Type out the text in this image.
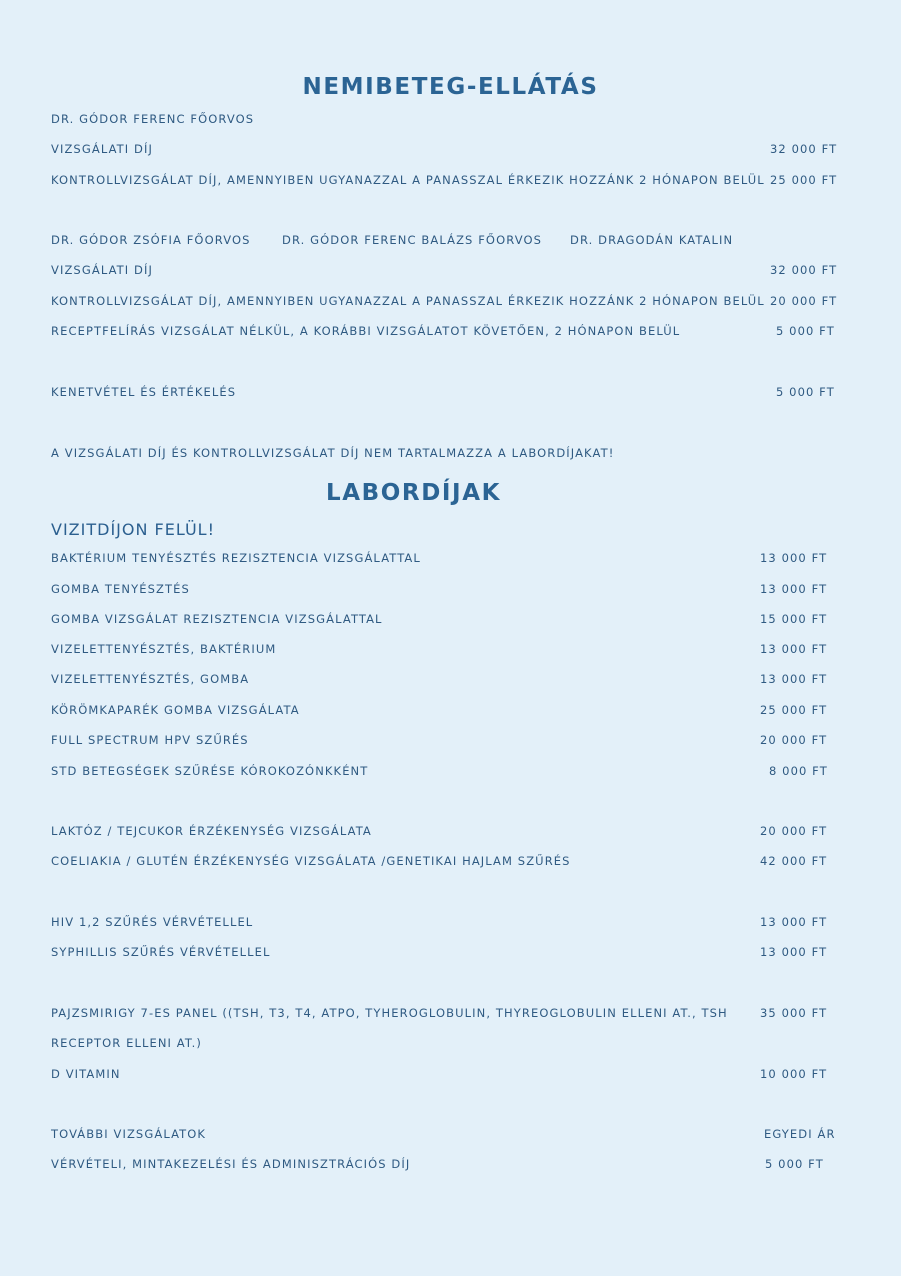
NEMIBETEG-ELLÁTÁS
DR. GÓDOR FERENC FŐORVOS
VIZSGÁLATI DÍJ	32 000 FT
KONTROLLVIZSGÁLAT DÍJ, AMENNYIBEN UGYANAZZAL A PANASSZAL ÉRKEZIK HOZZÁNK 2 HÓNAPON BELÜL 25 000 FT
DR. GÓDOR ZSÓFIA FŐORVOS	DR. GÓDOR FERENC BALÁZS FŐORVOS DR. DRAGODÁN KATALIN
VIZSGÁLATI DÍJ	32 000 FT
KONTROLLVIZSGÁLAT DÍJ, AMENNYIBEN UGYANAZZAL A PANASSZAL ÉRKEZIK HOZZÁNK 2 HÓNAPON BELÜL 20 000 FT
RECEPTFELÍRÁS VIZSGÁLAT NÉLKÜL, A KORÁBBI VIZSGÁLATOT KÖVETŐEN, 2 HÓNAPON BELÜL	5 000 FT
KENETVÉTEL ÉS ÉRTÉKELÉS	5 000 FT
A VIZSGÁLATI DÍJ ÉS KONTROLLVIZSGÁLAT DÍJ NEM TARTALMAZZA A LABORDÍJAKAT!
LABORDÍJAK
VIZITDÍJON FELÜL!
BAKTÉRIUM TENYÉSZTÉS REZISZTENCIA VIZSGÁLATTAL	13 000 FT
GOMBA TENYÉSZTÉS	13 000 FT
GOMBA VIZSGÁLAT REZISZTENCIA VIZSGÁLATTAL	15 000 FT
VIZELETTENYÉSZTÉS, BAKTÉRIUM	13 000 FT
VIZELETTENYÉSZTÉS, GOMBA	13 000 FT
KÖRÖMKAPARÉK GOMBA VIZSGÁLATA	25 000 FT
FULL SPECTRUM HPV SZŰRÉS	20 000 FT
STD BETEGSÉGEK SZŰRÉSE KÓROKOZÓNKKÉNT	8 000 FT
LAKTÓZ / TEJCUKOR ÉRZÉKENYSÉG VIZSGÁLATA	20 000 FT
COELIAKIA / GLUTÉN ÉRZÉKENYSÉG VIZSGÁLATA /GENETIKAI HAJLAM SZŰRÉS	42 000 FT
HIV 1,2 SZŰRÉS VÉRVÉTELLEL	13 000 FT
SYPHILLIS SZŰRÉS VÉRVÉTELLEL	13 000 FT
PAJZSMIRIGY 7-ES PANEL ((TSH, T3, T4, ATPO, TYHEROGLOBULIN, THYREOGLOBULIN ELLENI AT., TSH	35 000 FT
RECEPTOR ELLENI AT.)
D VITAMIN	10 000 FT
TOVÁBBI VIZSGÁLATOK	EGYEDI ÁR
VÉRVÉTELI, MINTAKEZELÉSI ÉS ADMINISZTRÁCIÓS DÍJ	5 000 FT
